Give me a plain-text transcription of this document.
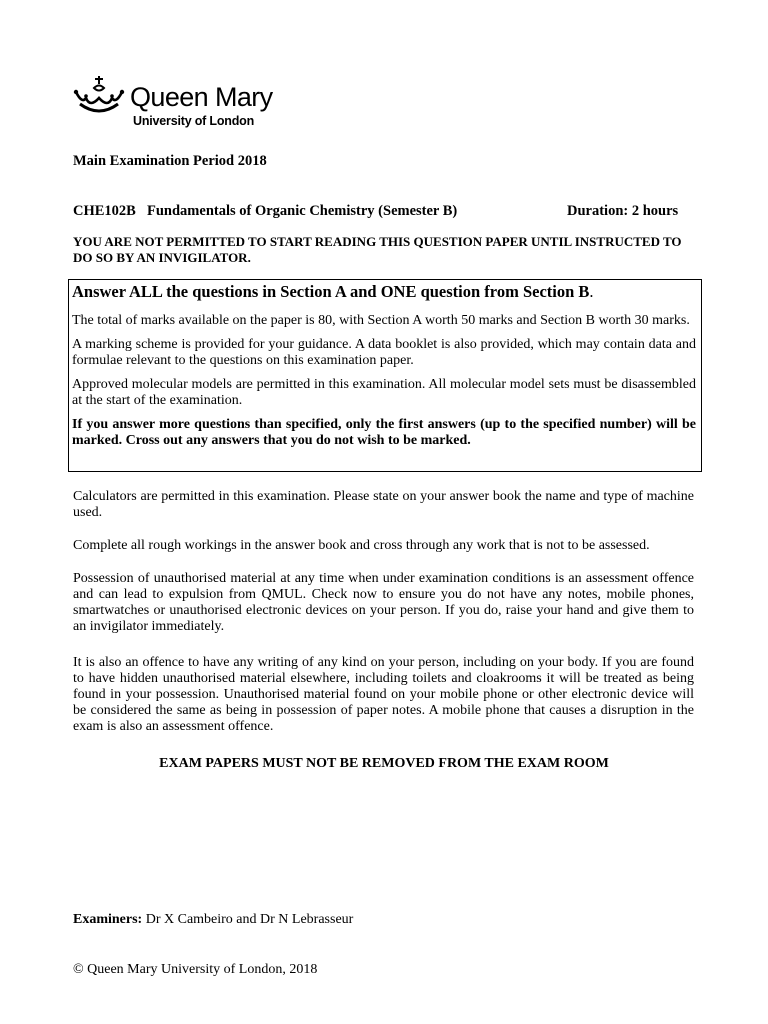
Queen Mary
University of London
Main Examination Period 2018
CHE102B Fundamentals of Organic Chemistry (Semester B)	Duration: 2 hours
YOU ARE NOT PERMITTED TO START READING THIS QUESTION PAPER UNTIL INSTRUCTED TO DO SO BY AN INVIGILATOR.
Answer ALL the questions in Section A and ONE question from Section B.

The total of marks available on the paper is 80, with Section A worth 50 marks and Section B worth 30 marks.

A marking scheme is provided for your guidance. A data booklet is also provided, which may contain data and formulae relevant to the questions on this examination paper.

Approved molecular models are permitted in this examination. All molecular model sets must be disassembled at the start of the examination.

If you answer more questions than specified, only the first answers (up to the specified number) will be marked. Cross out any answers that you do not wish to be marked.

Calculators are permitted in this examination. Please state on your answer book the name and type of machine used.

Complete all rough workings in the answer book and cross through any work that is not to be assessed.

Possession of unauthorised material at any time when under examination conditions is an assessment offence and can lead to expulsion from QMUL. Check now to ensure you do not have any notes, mobile phones, smartwatches or unauthorised electronic devices on your person. If you do, raise your hand and give them to an invigilator immediately.

It is also an offence to have any writing of any kind on your person, including on your body. If you are found to have hidden unauthorised material elsewhere, including toilets and cloakrooms it will be treated as being found in your possession. Unauthorised material found on your mobile phone or other electronic device will be considered the same as being in possession of paper notes. A mobile phone that causes a disruption in the exam is also an assessment offence.

EXAM PAPERS MUST NOT BE REMOVED FROM THE EXAM ROOM
Examiners: Dr X Cambeiro and Dr N Lebrasseur
© Queen Mary University of London, 2018
